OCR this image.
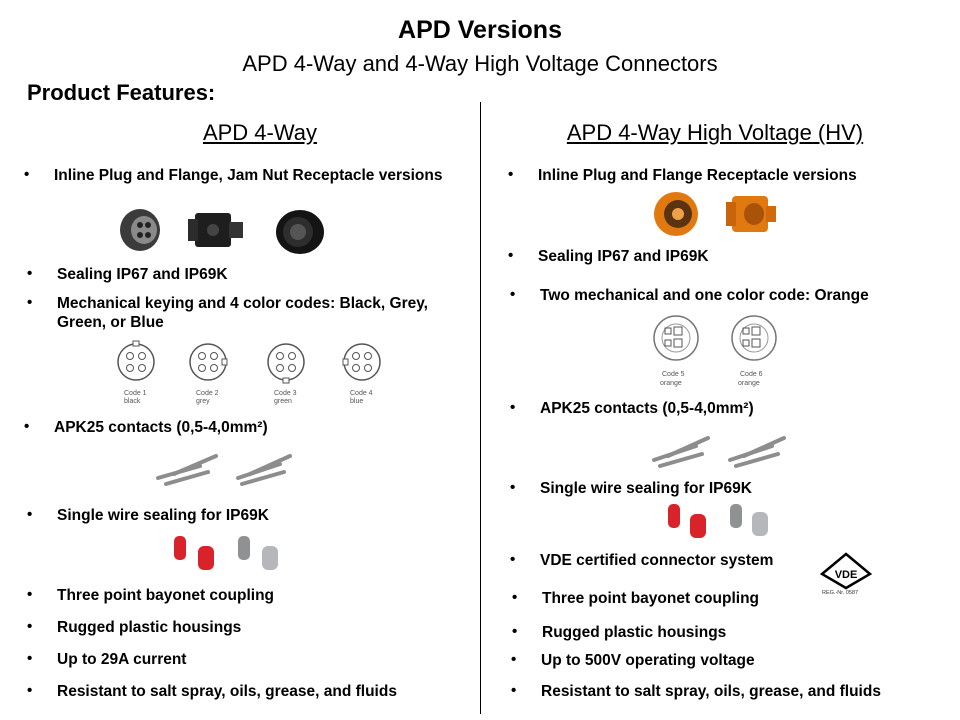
APD Versions
APD 4-Way and 4-Way High Voltage Connectors
Product Features:
APD 4-Way
• Inline Plug and Flange, Jam Nut Receptacle versions
• Sealing IP67 and IP69K
• Mechanical keying and 4 color codes: Black, Grey, Green, or Blue
• APK25 contacts (0,5-4,0mm²)
• Single wire sealing for IP69K
• Three point bayonet coupling
• Rugged plastic housings
• Up to 29A current
• Resistant to salt spray, oils, grease, and fluids
Code 1
black
Code 2
grey
Code 3
green
Code 4
blue
APD 4-Way High Voltage (HV)
• Inline Plug and Flange Receptacle versions
• Sealing IP67 and IP69K
• Two mechanical and one color code: Orange
• APK25 contacts (0,5-4,0mm²)
• Single wire sealing for IP69K
• VDE certified connector system
• Three point bayonet coupling
• Rugged plastic housings
• Up to 500V operating voltage
• Resistant to salt spray, oils, grease, and fluids
Code 5
orange
Code 6
orange
VDE
REG.-Nr. 0587
